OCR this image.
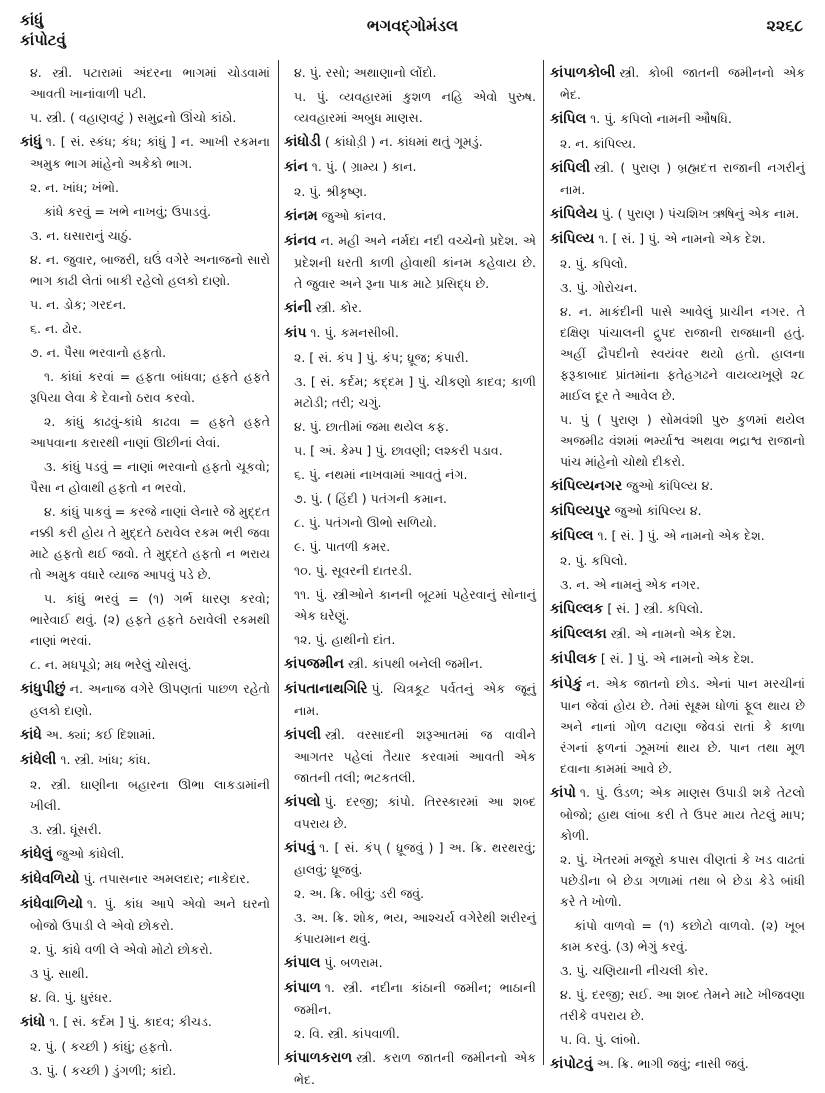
કાંધું
કાંપોટવું
ભગવદ્ગોમંડલ	૨૨૬૮
૪. સ્ત્રી. પટારામાં અંદરના ભાગમાં ચોડવામાં આવતી ખાનાંવાળી પટી.
૫. સ્ત્રી. ( વહાણવટું ) સમુદ્રનો ઊંચો કાંઠો.
કાંધું ૧. [ સં. સ્કંધ; કંધ; કાંધું ] ન. આખી રકમના અમુક ભાગ માંહેનો અકેકો ભાગ.
૨. ન. ખાંધ; ખંભો.
કાંધે કરવું = ખભે નાખવું; ઉપાડવું.
૩. ન. ઘસારાનું ચાઠું.
૪. ન. જુવાર, બાજરી, ઘઉં વગેરે અનાજનો સારો ભાગ કાઢી લેતાં બાકી રહેલો હલકો દાણો.
૫. ન. ડોક; ગરદન.
૬. ન. ઢોર.
૭. ન. પૈસા ભરવાનો હફતો.
૧. કાંધાં કરવાં = હફતા બાંધવા; હફતે હફતે રૂપિયા લેવા કે દેવાનો ઠરાવ કરવો.
૨. કાંધું કાઢવું-કાંધે કાઢવા = હફતે હફતે આપવાના કરારથી નાણાં ઊછીનાં લેવાં.
૩. કાંધું પડવું = નાણાં ભરવાનો હફતો ચૂકવો; પૈસા ન હોવાથી હફતો ન ભરવો.
૪. કાંધું પાકવું = કરજે નાણાં લેનારે જે મુદ્દત નક્કી કરી હોય તે મુદ્દતે ઠરાવેલ રકમ ભરી જવા માટે હફતો થઈ જવો. તે મુદ્દતે હફતો ન ભરાય તો અમુક વધારે વ્યાજ આપવું પડે છે.
૫. કાંધું ભરવું = (૧) ગર્ભ ધારણ કરવો; ભારેવાઈ થવું. (૨) હફતે હફતે ઠરાવેલી રકમથી નાણાં ભરવાં.
૮. ન. મધપૂડો; મધ ભરેલું ચોસલું.
કાંધુપીછું ન. અનાજ વગેરે ઊપણતાં પાછળ રહેતો હલકો દાણો.
કાંધે અ. ક્યાં; કઈ દિશામાં.
કાંધેલી ૧. સ્ત્રી. ખાંધ; કાંધ.
૨. સ્ત્રી. ઘાણીના બહારના ઊભા લાકડામાંની ખીલી.
૩. સ્ત્રી. ધૂંસરી.
કાંધેલું જુઓ કાંધેલી.
કાંધેવળિયો પું. તપાસનાર અમલદાર; નાકેદાર.
કાંધેવાળિયો ૧. પું. કાંધ આપે એવો અને ઘરનો બોજો ઉપાડી લે એવો છોકરો.
૨. પું. કાંધે વળી લે એવો મોટો છોકરો.
૩ પું. સાથી.
૪. વિ. પું. ધુરંધર.
કાંધો ૧. [ સં. કર્દમ ] પું. કાદવ; કીચડ.
૨. પું. ( કચ્છી ) કાંધું; હફતો.
૩. પું. ( કચ્છી ) ડુંગળી; કાંદો.
૪. પું. રસો; અથાણાનો લોંદો.
૫. પું. વ્યવહારમાં કુશળ નહિ એવો પુરુષ. વ્યવહારમાં અબુધ માણસ.
કાંધોડી ( કાંધોડ઼ી ) ન. કાંધમાં થતું ગૂમડું.
કાંન ૧. પું. ( ગ્રામ્ય ) કાન.
૨. પું. શ્રીકૃષ્ણ.
કાંનમ જુઓ કાંનવ.
કાંનવ ન. મહી અને નર્મદા નદી વચ્ચેનો પ્રદેશ. એ પ્રદેશની ધરતી કાળી હોવાથી કાંનમ કહેવાય છે. તે જુવાર અને રૂના પાક માટે પ્રસિદ્ધ છે.
કાંની સ્ત્રી. કોર.
કાંપ ૧. પું. કમનસીબી.
૨. [ સં. કંપ ] પું. કંપ; ધ્રૂજ; કંપારી.
૩. [ સં. કર્દમ; કદ્દમ ] પું. ચીકણો કાદવ; કાળી મટોડી; તરી; ચગું.
૪. પું. છાતીમાં જમા થયેલ કફ.
૫. [ અં. કેમ્પ ] પું. છાવણી; લશ્કરી પડાવ.
૬. પું. નથમાં નાખવામાં આવતું નંગ.
૭. પું. ( હિંદી ) પતંગની કમાન.
૮. પું. પતંગનો ઊભો સળિયો.
૯. પું. પાતળી કમર.
૧૦. પું. સૂવરની દાતરડી.
૧૧. પું. સ્ત્રીઓને કાનની બૂટમાં પહેરવાનું સોનાનું એક ઘરેણું.
૧૨. પું. હાથીનો દાંત.
કાંપજમીન સ્ત્રી. કાંપથી બનેલી જમીન.
કાંપતાનાથગિરિ પું. ચિત્રકૂટ પર્વતનું એક જૂનું નામ.
કાંપલી સ્ત્રી. વરસાદની શરૂઆતમાં જ વાવીને આગતર પહેલાં તૈયાર કરવામાં આવતી એક જાતની તલી; ભટકતલી.
કાંપલો પું. દરજી; કાંપો. તિરસ્કારમાં આ શબ્દ વપરાય છે.
કાંપવું ૧. [ સં. કંપ્ ( ધ્રૂજવું ) ] અ. ક્રિ. થરથરવું; હાલવું; ધ્રૂજવું.
૨. અ. ક્રિ. બીવું; ડરી જવું.
૩. અ. ક્રિ. શોક, ભય, આશ્ચર્ય વગેરેથી શરીરનું કંપાયમાન થવું.
કાંપાલ પું. બળરામ.
કાંપાળ ૧. સ્ત્રી. નદીના કાંઠાની જમીન; ભાઠાની જમીન.
૨. વિ. સ્ત્રી. કાંપવાળી.
કાંપાળકરાળ સ્ત્રી. કરાળ જાતની જમીનનો એક ભેદ.
કાંપાળકોબી સ્ત્રી. કોબી જાતની જમીનનો એક ભેદ.
કાંપિલ ૧. પું. કપિલો નામની ઔષધિ.
૨. ન. કાંપિલ્ય.
કાંપિલી સ્ત્રી. ( પુરાણ ) બ્રહ્મદત્ત રાજાની નગરીનું નામ.
કાંપિલેય પું. ( પુરાણ ) પંચશિખ ઋષિનું એક નામ.
કાંપિલ્ય ૧. [ સં. ] પું. એ નામનો એક દેશ.
૨. પું. કપિલો.
૩. પું. ગોરોચન.
૪. ન. માકંદીની પાસે આવેલું પ્રાચીન નગર. તે દક્ષિણ પાંચાલની દ્રુપદ રાજાની રાજધાની હતું. અહીં દ્રૌપદીનો સ્વયંવર થયો હતો. હાલના ફરૂકાબાદ પ્રાંતમાંના ફતેહગઢને વાયવ્યખૂણે ૨૮ માઈલ દૂર તે આવેલ છે.
૫. પું ( પુરાણ ) સોમવંશી પુરુ કુળમાં થયેલ અજમીઢ વંશમાં ભર્મ્યાશ્વ અથવા ભદ્રાશ્વ રાજાનો પાંચ માંહેનો ચોથો દીકરો.
કાંપિલ્યનગર જુઓ કાંપિલ્ય ૪.
કાંપિલ્યપુર જુઓ કાંપિલ્ય ૪.
કાંપિલ્લ ૧. [ સં. ] પું. એ નામનો એક દેશ.
૨. પું. કપિલો.
૩. ન. એ નામનું એક નગર.
કાંપિલ્લક [ સં. ] સ્ત્રી. કપિલો.
કાંપિલ્લકા સ્ત્રી. એ નામનો એક દેશ.
કાંપીલક [ સં. ] પું. એ નામનો એક દેશ.
કાંપેકું ન. એક જાતનો છોડ. એનાં પાન મરચીનાં પાન જેવાં હોય છે. તેમાં સૂક્ષ્મ ધોળાં ફૂલ થાય છે અને નાનાં ગોળ વટાણા જેવડાં રાતાં કે કાળા રંગનાં ફળનાં ઝૂમખાં થાય છે. પાન તથા મૂળ દવાના કામમાં આવે છે.
કાંપો ૧. પું. ઉંડળ; એક માણસ ઉપાડી શકે તેટલો બોજો; હાથ લાંબા કરી તે ઉપર માય તેટલું માપ; કોળી.
૨. પું. ખેતરમાં મજૂરો કપાસ વીણતાં કે ખડ વાઢતાં પછેડીના બે છેડા ગળામાં તથા બે છેડા કેડે બાંધી કરે તે ખોળો.
કાંપો વાળવો = (૧) કછોટો વાળવો. (૨) ખૂબ કામ કરવું. (૩) ભેગું કરવું.
૩. પું. ચણિયાની નીચલી કોર.
૪. પું. દરજી; સઈ. આ શબ્દ તેમને માટે ખીજવણા તરીકે વપરાય છે.
૫. વિ. પું. લાંબો.
કાંપોટવું અ. ક્રિ. ભાગી જવું; નાસી જવું.
